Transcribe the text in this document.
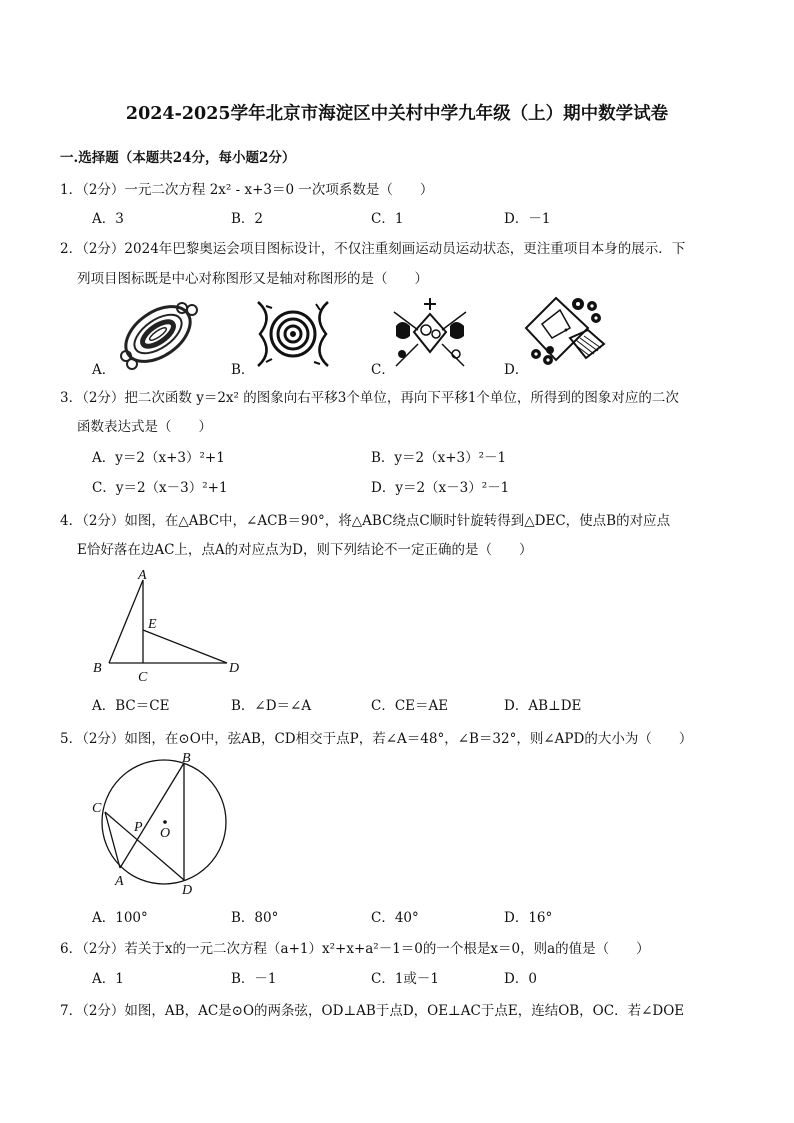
2024-2025学年北京市海淀区中关村中学九年级（上）期中数学试卷
一.选择题（本题共24分，每小题2分）
1．（2分）一元二次方程 2x² - x+3＝0 一次项系数是（　　）
A．3	B．2	C．1	D．－1
2．（2分）2024年巴黎奥运会项目图标设计，不仅注重刻画运动员运动状态，更注重项目本身的展示．下
列项目图标既是中心对称图形又是轴对称图形的是（　　）
A．	B．	C．	D．
3．（2分）把二次函数 y＝2x² 的图象向右平移3个单位，再向下平移1个单位，所得到的图象对应的二次
函数表达式是（　　）
A．y＝2（x+3）²+1	B．y＝2（x+3）²－1
C．y＝2（x－3）²+1	D．y＝2（x－3）²－1
4．（2分）如图，在△ABC中，∠ACB＝90°，将△ABC绕点C顺时针旋转得到△DEC，使点B的对应点
E恰好落在边AC上，点A的对应点为D，则下列结论不一定正确的是（　　）
A
E
B
C
D
A．BC＝CE	B．∠D＝∠A	C．CE＝AE	D．AB⊥DE
5．（2分）如图，在⊙O中，弦AB，CD相交于点P，若∠A＝48°，∠B＝32°，则∠APD的大小为（　　）
B
C
P O
A
D
A．100°	B．80°	C．40°	D．16°
6．（2分）若关于x的一元二次方程（a+1）x²+x+a²－1＝0的一个根是x＝0，则a的值是（　　）
A．1	B．－1	C．1或－1	D．0
7．（2分）如图，AB，AC是⊙O的两条弦，OD⊥AB于点D，OE⊥AC于点E，连结OB，OC．若∠DOE
